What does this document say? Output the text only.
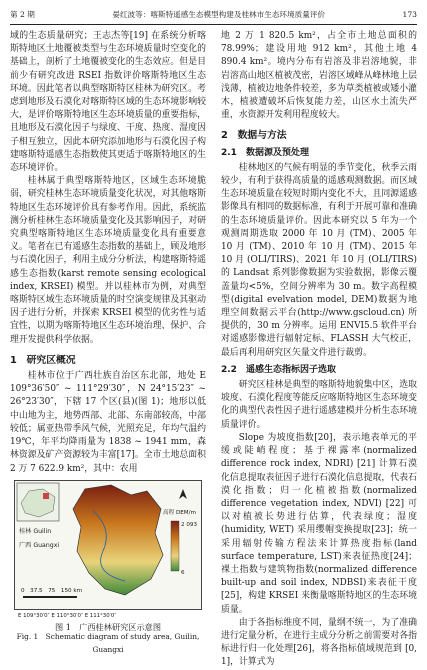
第 2 期	晏红波等：喀斯特遥感生态模型构建及桂林市生态环境质量评价	173

域的生态质量研究；王志杰等[19] 在系统分析喀斯特地区土地覆被类型与生态环境质量时空变化的基础上，剖析了土地覆被变化的生态效应。但是目前少有研究改进 RSEI 指数评价喀斯特地区生态环境。因此笔者以典型喀斯特区桂林为研究区。考虑到地形及石漠化对喀斯特区域的生态环境影响较大，是评价喀斯特地区生态环境质量的重要指标，且地形及石漠化因子与绿度、干度、热度、湿度因子相互独立，因此本研究添加地形与石漠化因子构建喀斯特遥感生态指数使其更适于喀斯特地区的生态环境评价。

桂林属于典型喀斯特地区，区域生态环境脆弱，研究桂林生态环境质量变化状况，对其他喀斯特地区生态环境评价具有参考作用。因此，系统监测分析桂林生态环境质量变化及其影响因子，对研究典型喀斯特地区生态环境质量变化具有重要意义。笔者在已有遥感生态指数的基础上，顾及地形与石漠化因子，利用主成分分析法，构建喀斯特遥感生态指数(karst remote sensing ecological index, KRSEI) 模型。并以桂林市为例，对典型喀斯特区域生态环境质量的时空演变规律及其驱动因子进行分析，并探索 KRSEI 模型的优劣性与适宜性，以期为喀斯特地区生态环境治理、保护、合理开发提供科学依据。

1　研究区概况

桂林市位于广西壮族自治区东北部，地处 E 109°36′50″ ~ 111°29′30″，N 24°15′23″ ~ 26°23′30″，下辖 17 个区(县)(图 1)；地形以低中山地为主，地势西部、北部、东南部较高，中部较低；属亚热带季风气候，光照充足，年均气温约 19℃，年平均降雨量为 1838 ~ 1941 mm，森林资源及矿产资源较为丰富[17]。全市土地总面积 2 万 7 622.9 km²，其中：农用

桂林 Guilin
广西 Guangxi
高程 DEM/m
2 093
6
0　37.5　75　150 km
E 109°30′0″ E 110°30′0″ E 111°30′0″
图 1　广西桂林研究区示意图
Fig. 1　Schematic diagram of study area, Guilin, Guangxi

地 2 万 1 820.5 km²，占全市土地总面积的 78.99%；建设用地 912 km²，其他土地 4 890.4 km²。境内分布有岩溶及非岩溶地貌，非岩溶高山地区植被茂密，岩溶区域峰从峰林地上层浅薄，植被边地条件较差，多为草类植被或矮小灌木，植被遭破坏后恢复能力差，山区水土流失严重，水资源开发利用程度较大。

2　数据与方法
2.1　数据源及预处理

桂林地区的气候有明显的季节变化，秋季云雨较少，有利于获得高质量的遥感观测数据。而区域生态环境质量在较短时期内变化不大，且同源遥感影像具有相同的数据标准，有利于开展可靠和准确的生态环境质量评价。因此本研究以 5 年为一个观测周期选取 2000 年 10 月 (TM)、2005 年 10 月 (TM)、2010 年 10 月 (TM)、2015 年 10 月 (OLI/TIRS)、2021 年 10 月 (OLI/TIRS) 的 Landsat 系列影像数据为实验数据，影像云覆盖量均<5%，空间分辨率为 30 m。数字高程模型(digital evelvation model, DEM)数据为地理空间数据云平台(http://www.gscloud.cn) 所提供的，30 m 分辨率。运用 ENVI5.5 软件平台对遥感影像进行辐射定标、FLASSH 大气校正，最后再利用研究区矢量文件进行裁剪。

2.2　遥感生态指标因子选取

研究区桂林是典型的喀斯特地貌集中区，选取坡度、石漠化程度等能反应喀斯特地区生态环境变化的典型代表性因子进行遥感建模并分析生态环境质量评价。

Slope 为坡度指数[20]，表示地表单元的平缓或陡峭程度；基于裸露率(normalized difference rock index, NDRI) [21] 计算石漠化信息提取表征因子进行石漠化信息提取，代表石漠化指数；归一化植被指数(normalized difference vegetation index, NDVI) [22] 可以对植被长势进行估算，代表绿度；湿度(humidity, WET) 采用缨帽变换提取[23]；统一采用辐射传输方程法来计算热度指标(land surface temperature, LST)来表征热度[24]；裸土指数与建筑物指数(normalized difference built-up and soil index, NDBSI)来表征干度[25]，构建 KRSEI 来衡量喀斯特地区的生态环境质量。

由于各指标维度不同，量纲不统一，为了准确进行定量分析，在进行主成分分析之前需要对各指标进行归一化处理[26]，将各指标值域规范到 [0, 1]，计算式为
